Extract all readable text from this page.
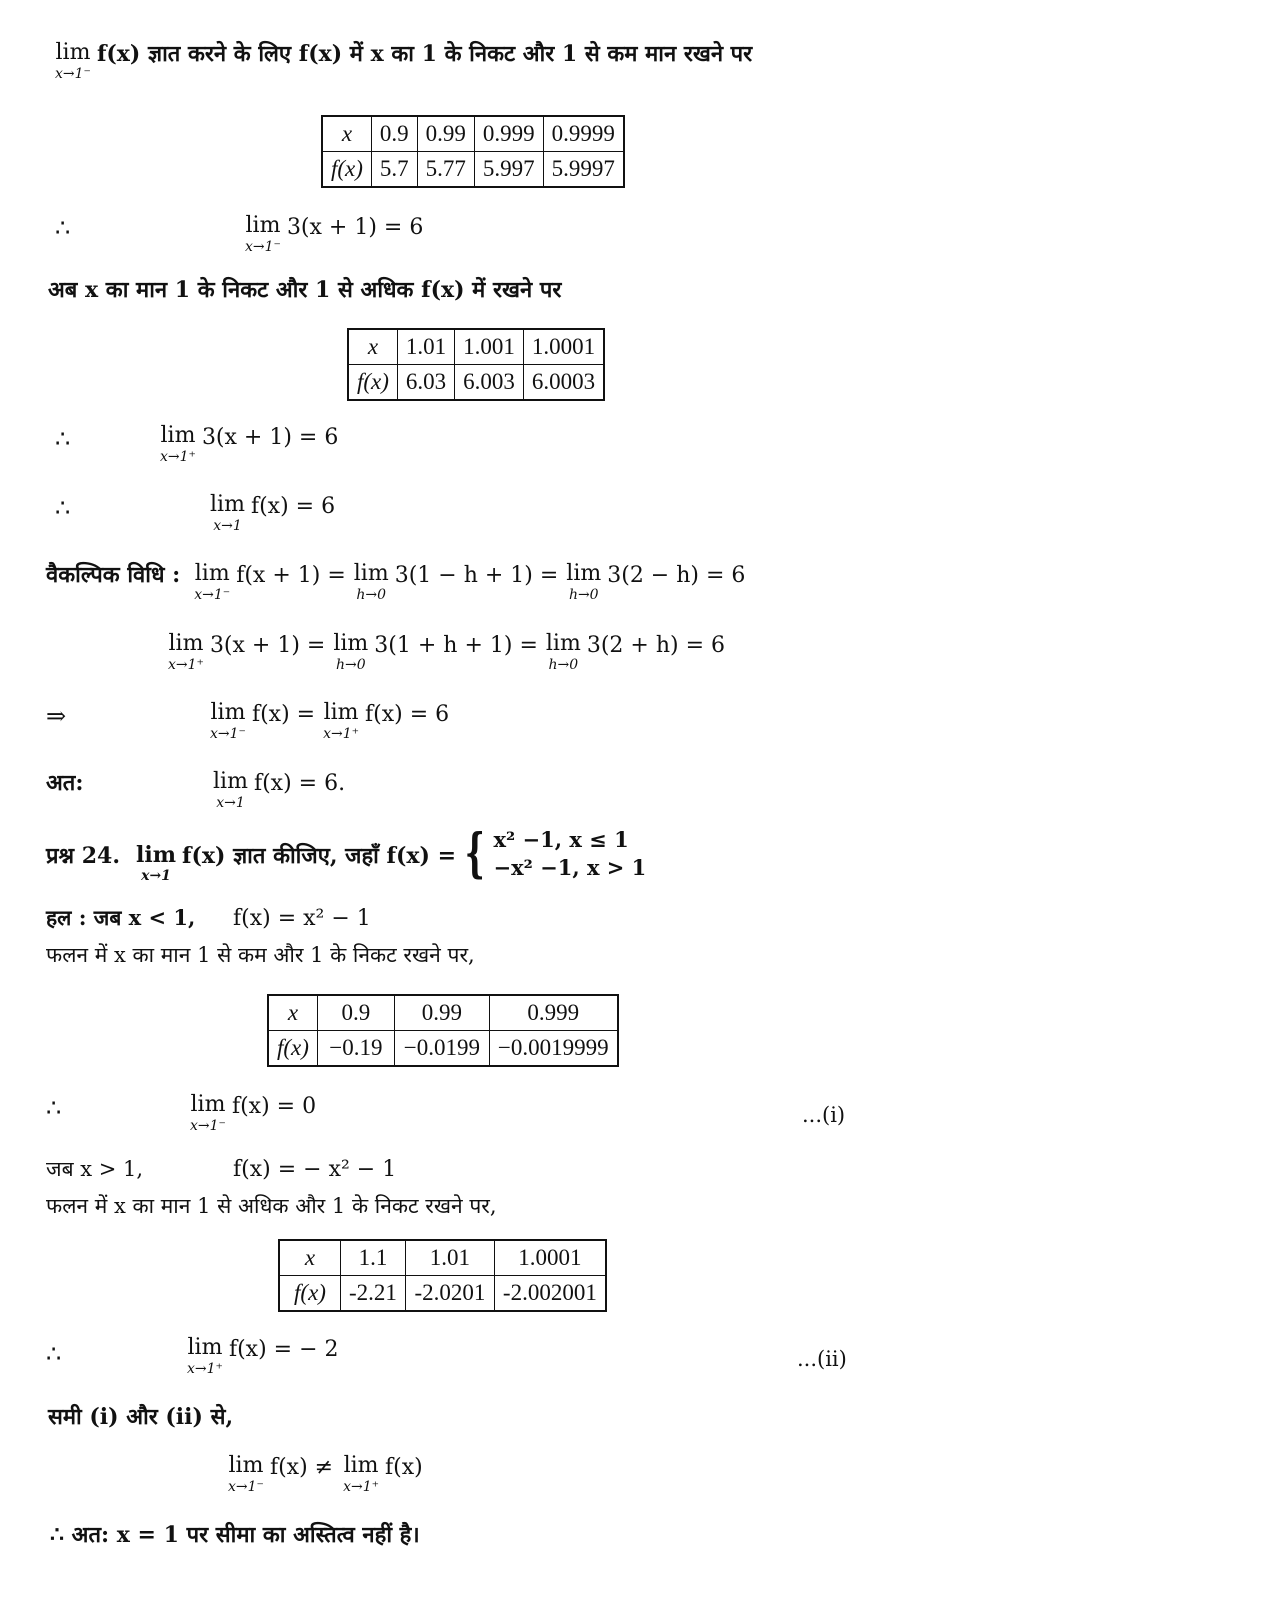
lim
x→1⁻
f(x) ज्ञात करने के लिए f(x) में x का 1 के निकट और 1 से कम मान रखने पर
x	0.9	0.99	0.999	0.9999
f(x)	5.7	5.77	5.997	5.9997
∴	lim
x→1⁻
3(x + 1) = 6
अब x का मान 1 के निकट और 1 से अधिक f(x) में रखने पर
x	1.01	1.001	1.0001
f(x)	6.03	6.003	6.0003
∴	lim
x→1⁺
3(x + 1) = 6
∴	lim
x→1
f(x) = 6
वैकल्पिक विधि : lim
x→1⁻
f(x + 1) = lim
h→0
3(1 − h + 1) = lim
h→0
3(2 − h) = 6
lim
x→1⁺
3(x + 1) = lim
h→0
3(1 + h + 1) = lim
h→0
3(2 + h) = 6
⇒	lim
x→1⁻
f(x) = lim
x→1⁺
f(x) = 6
अत:	lim
x→1
f(x) = 6.
प्रश्न 24. lim
x→1
f(x) ज्ञात कीजिए, जहाँ f(x) = { x² −1, x ≤ 1
−x² −1, x > 1
हल : जब x < 1, f(x) = x² − 1
फलन में x का मान 1 से कम और 1 के निकट रखने पर,
x	0.9	0.99	0.999
f(x)	−0.19	−0.0199	−0.0019999
∴	lim
x→1⁻
f(x) = 0	...(i)
जब x > 1,	f(x) = − x² − 1
फलन में x का मान 1 से अधिक और 1 के निकट रखने पर,
x	1.1	1.01	1.0001
f(x)	-2.21	-2.0201	-2.002001
∴	lim
x→1⁺
f(x) = − 2	...(ii)
समी (i) और (ii) से,
lim
x→1⁻
f(x) ≠ lim
x→1⁺
f(x)
∴ अत: x = 1 पर सीमा का अस्तित्व नहीं है।
